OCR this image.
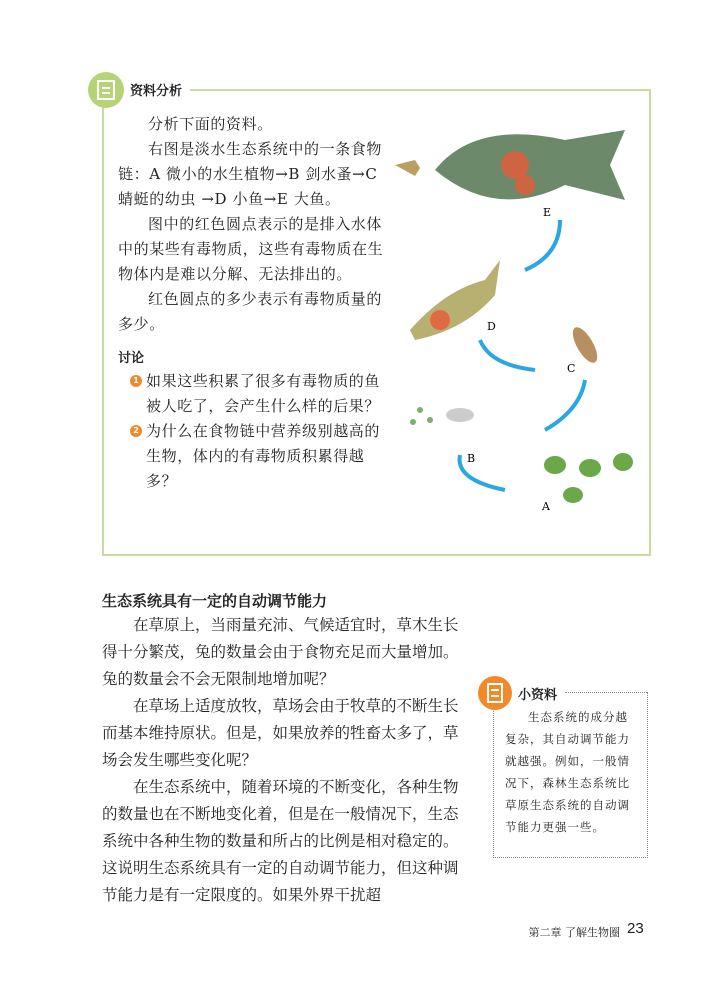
资料分析

分析下面的资料。

右图是淡水生态系统中的一条食物链：A 微小的水生植物→B 剑水蚤→C 蜻蜓的幼虫 →D 小鱼→E 大鱼。

图中的红色圆点表示的是排入水体中的某些有毒物质，这些有毒物质在生物体内是难以分解、无法排出的。

红色圆点的多少表示有毒物质量的多少。

讨论
1 如果这些积累了很多有毒物质的鱼被人吃了，会产生什么样的后果？
2 为什么在食物链中营养级别越高的生物，体内的有毒物质积累得越多？
A
B
C
D
E
生态系统具有一定的自动调节能力

在草原上，当雨量充沛、气候适宜时，草木生长得十分繁茂，兔的数量会由于食物充足而大量增加。兔的数量会不会无限制地增加呢？

在草场上适度放牧，草场会由于牧草的不断生长而基本维持原状。但是，如果放养的牲畜太多了，草场会发生哪些变化呢？

在生态系统中，随着环境的不断变化，各种生物的数量也在不断地变化着，但是在一般情况下，生态系统中各种生物的数量和所占的比例是相对稳定的。这说明生态系统具有一定的自动调节能力，但这种调节能力是有一定限度的。如果外界干扰超

小资料
生态系统的成分越复杂，其自动调节能力就越强。例如，一般情况下，森林生态系统比草原生态系统的自动调节能力更强一些。
第二章 了解生物圈 23
